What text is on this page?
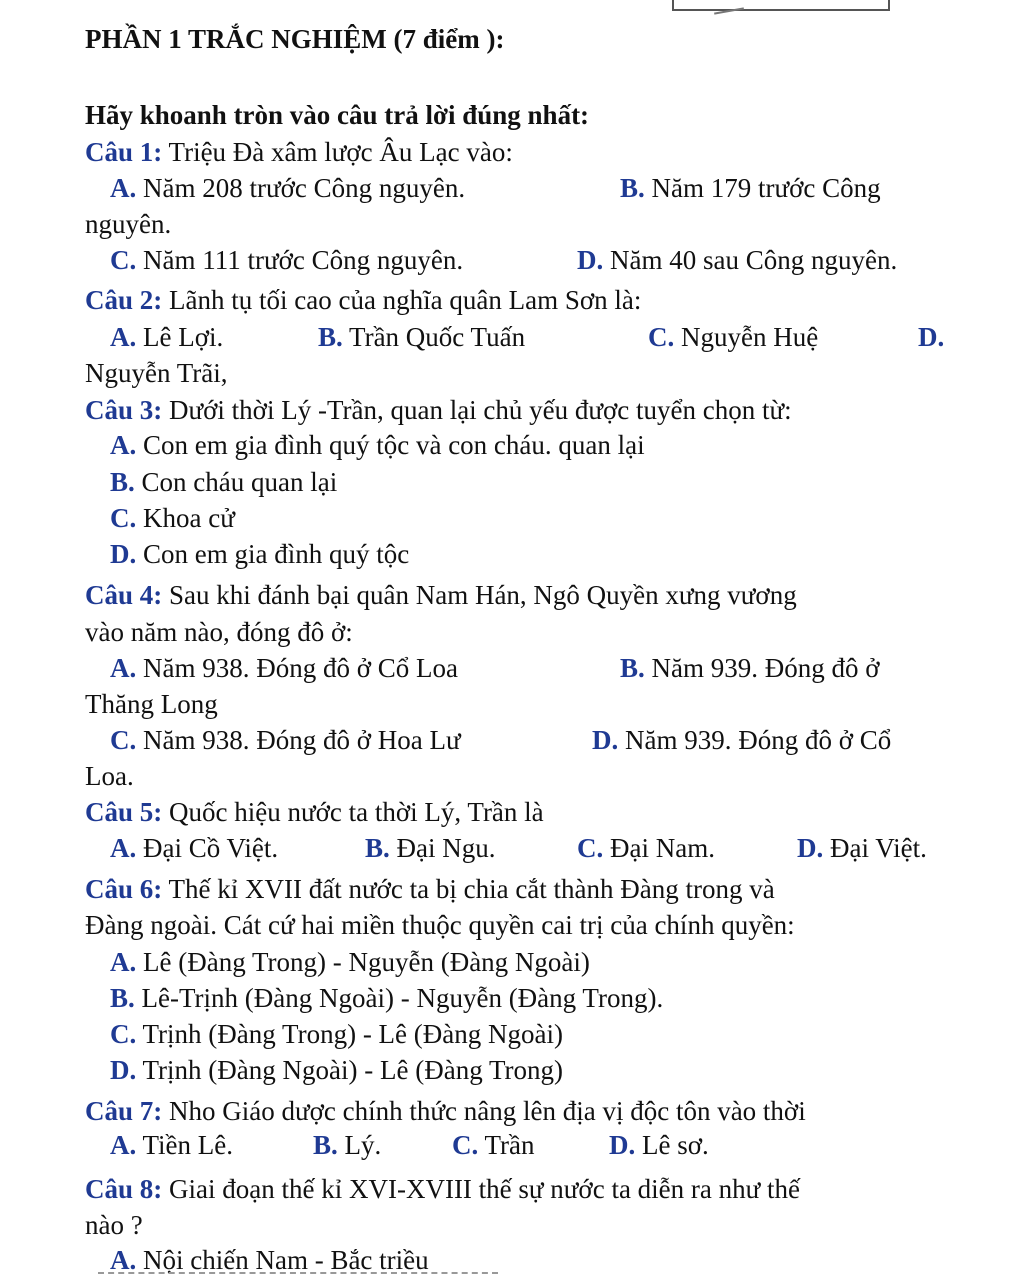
PHẦN 1 TRẮC NGHIỆM (7 điểm ):
Hãy khoanh tròn vào câu trả lời đúng nhất:
Câu 1: Triệu Đà xâm lược Âu Lạc vào:
A. Năm 208 trước Công nguyên.	B. Năm 179 trước Công
nguyên.
C. Năm 111 trước Công nguyên.	D. Năm 40 sau Công nguyên.
Câu 2: Lãnh tụ tối cao của nghĩa quân Lam Sơn là:
A. Lê Lợi.	B. Trần Quốc Tuấn	C. Nguyễn Huệ	D.
Nguyễn Trãi,
Câu 3: Dưới thời Lý -Trần, quan lại chủ yếu được tuyển chọn từ:
A. Con em gia đình quý tộc và con cháu. quan lại
B. Con cháu quan lại
C. Khoa cử
D. Con em gia đình quý tộc
Câu 4: Sau khi đánh bại quân Nam Hán, Ngô Quyền xưng vương
vào năm nào, đóng đô ở:
A. Năm 938. Đóng đô ở Cổ Loa	B. Năm 939. Đóng đô ở
Thăng Long
C. Năm 938. Đóng đô ở Hoa Lư	D. Năm 939. Đóng đô ở Cổ
Loa.
Câu 5: Quốc hiệu nước ta thời Lý, Trần là
A. Đại Cồ Việt.	B. Đại Ngu.	C. Đại Nam.	D. Đại Việt.
Câu 6: Thế kỉ XVII đất nước ta bị chia cắt thành Đàng trong và
Đàng ngoài. Cát cứ hai miền thuộc quyền cai trị của chính quyền:
A. Lê (Đàng Trong) - Nguyễn (Đàng Ngoài)
B. Lê-Trịnh (Đàng Ngoài) - Nguyễn (Đàng Trong).
C. Trịnh (Đàng Trong) - Lê (Đàng Ngoài)
D. Trịnh (Đàng Ngoài) - Lê (Đàng Trong)
Câu 7: Nho Giáo dược chính thức nâng lên địa vị độc tôn vào thời
A. Tiền Lê.	B. Lý.	C. Trần	D. Lê sơ.
Câu 8: Giai đoạn thế kỉ XVI-XVIII thế sự nước ta diễn ra như thế
nào ?
A. Nội chiến Nam - Bắc triều
